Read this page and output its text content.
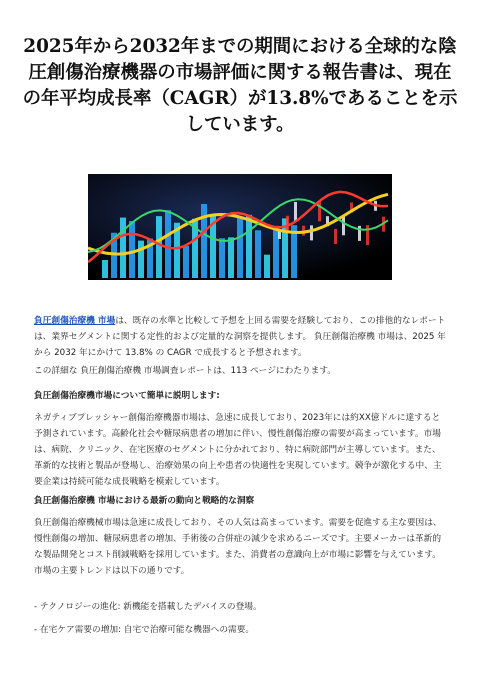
2025年から2032年までの期間における全球的な陰圧創傷治療機器の市場評価に関する報告書は、現在の年平均成長率（CAGR）が13.8%であることを示しています。

負圧創傷治療機 市場は、既存の水準と比較して予想を上回る需要を経験しており、この排他的なレポートは、業界セグメントに関する定性的および定量的な洞察を提供します。 負圧創傷治療機 市場は、2025 年から 2032 年にかけて 13.8% の CAGR で成長すると予想されます。

この詳細な 負圧創傷治療機 市場調査レポートは、113 ページにわたります。

負圧創傷治療機市場について簡単に説明します:

ネガティブプレッシャー創傷治療機器市場は、急速に成長しており、2023年には約XX億ドルに達すると予測されています。高齢化社会や糖尿病患者の増加に伴い、慢性創傷治療の需要が高まっています。市場は、病院、クリニック、在宅医療のセグメントに分かれており、特に病院部門が主導しています。また、革新的な技術と製品が登場し、治療効果の向上や患者の快適性を実現しています。競争が激化する中、主要企業は持続可能な成長戦略を模索しています。

負圧創傷治療機 市場における最新の動向と戦略的な洞察

負圧創傷治療機械市場は急速に成長しており、その人気は高まっています。需要を促進する主な要因は、慢性創傷の増加、糖尿病患者の増加、手術後の合併症の減少を求めるニーズです。主要メーカーは革新的な製品開発とコスト削減戦略を採用しています。また、消費者の意識向上が市場に影響を与えています。市場の主要トレンドは以下の通りです。

- テクノロジーの進化: 新機能を搭載したデバイスの登場。

- 在宅ケア需要の増加: 自宅で治療可能な機器への需要。
